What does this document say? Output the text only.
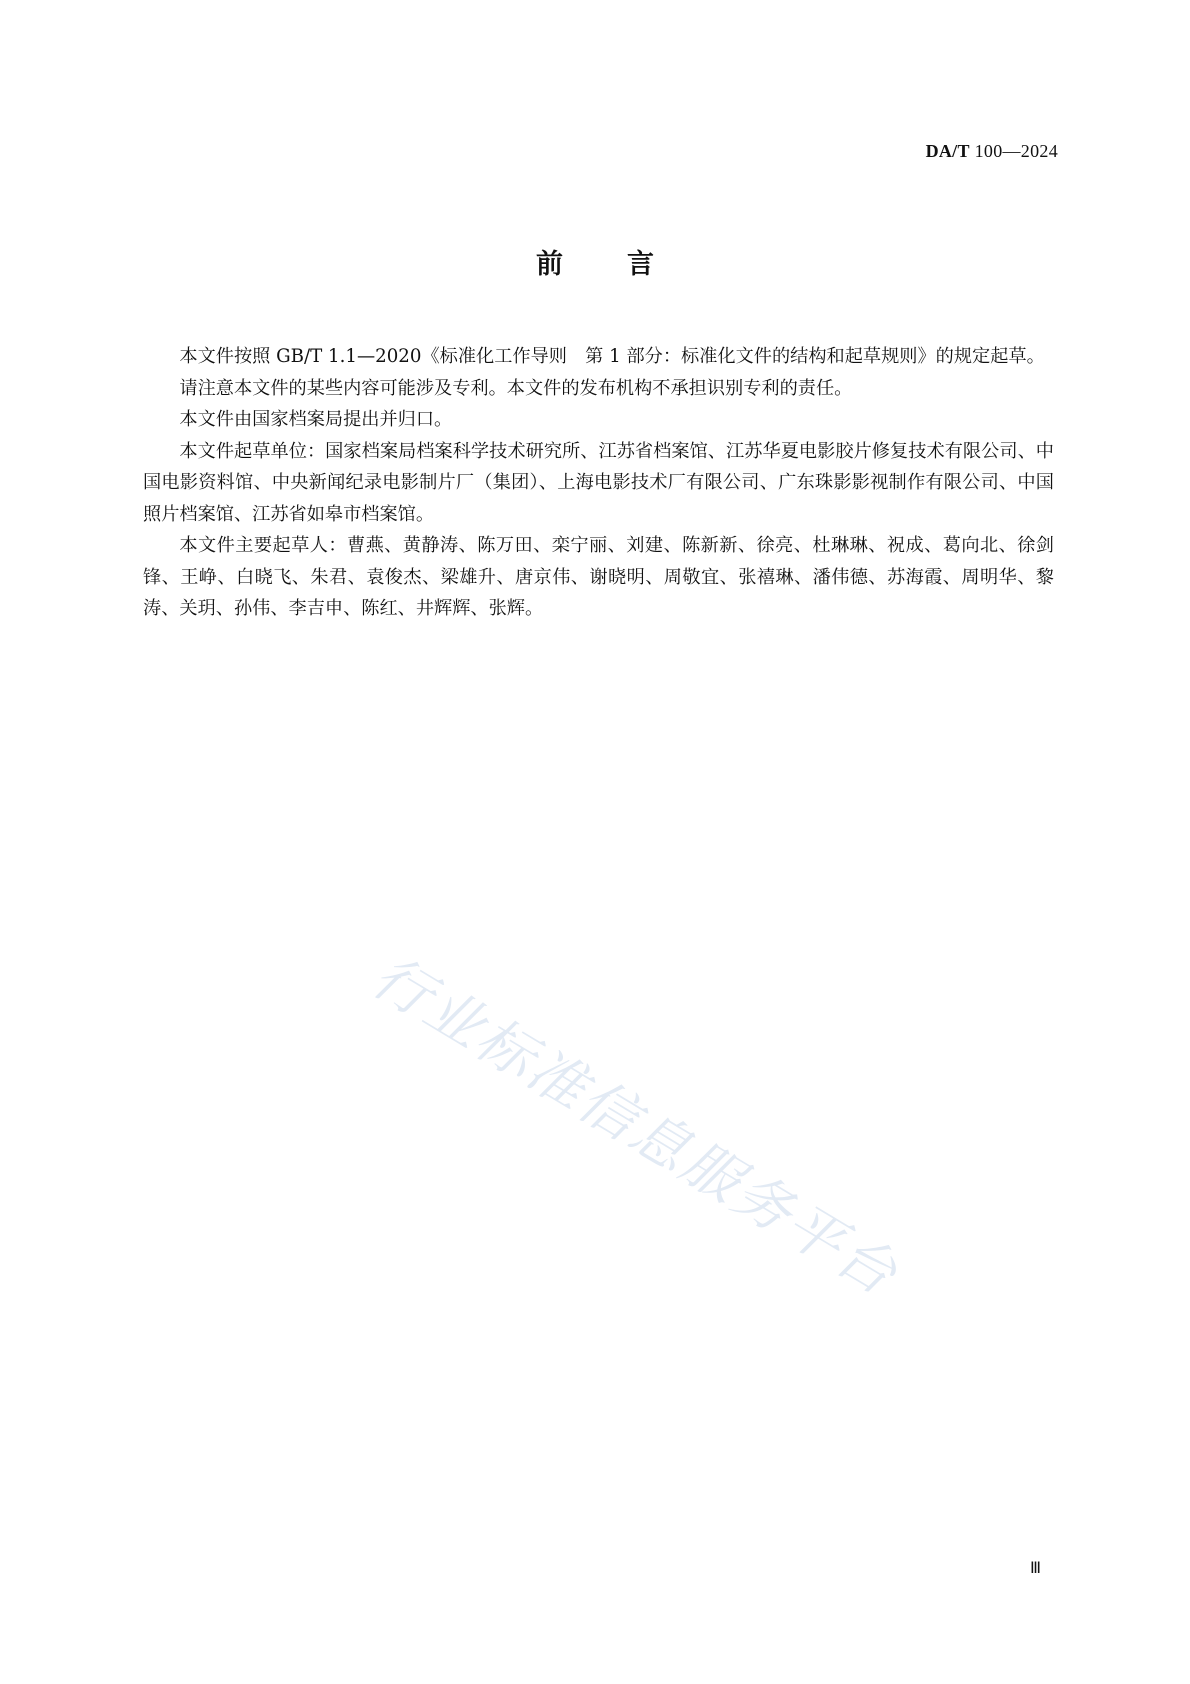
DA/T 100—2024
前言

本文件按照 GB/T 1.1—2020《标准化工作导则　第 1 部分：标准化文件的结构和起草规则》的规定起草。

请注意本文件的某些内容可能涉及专利。本文件的发布机构不承担识别专利的责任。

本文件由国家档案局提出并归口。

本文件起草单位：国家档案局档案科学技术研究所、江苏省档案馆、江苏华夏电影胶片修复技术有限公司、中国电影资料馆、中央新闻纪录电影制片厂（集团）、上海电影技术厂有限公司、广东珠影影视制作有限公司、中国照片档案馆、江苏省如皋市档案馆。

本文件主要起草人：曹燕、黄静涛、陈万田、栾宁丽、刘建、陈新新、徐亮、杜琳琳、祝成、葛向北、徐剑锋、王峥、白晓飞、朱君、袁俊杰、梁雄升、唐京伟、谢晓明、周敬宜、张禧琳、潘伟德、苏海霞、周明华、黎涛、关玥、孙伟、李吉申、陈红、井辉辉、张辉。

行业标准信息服务平台
Ⅲ
